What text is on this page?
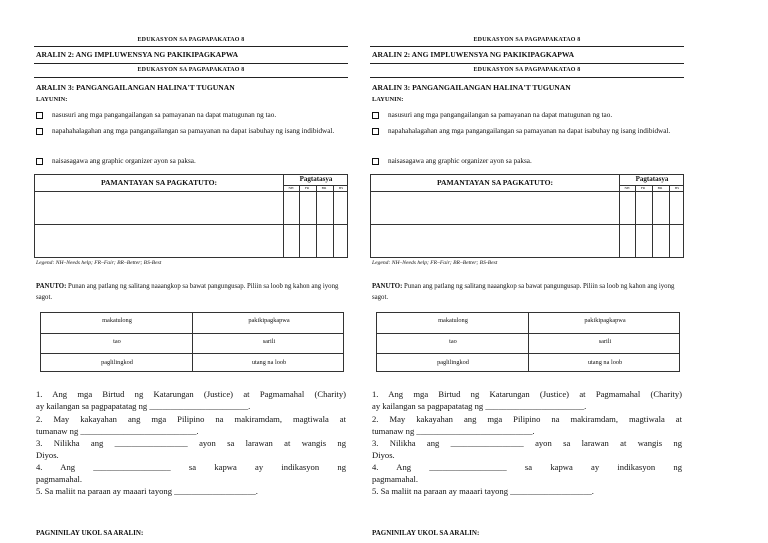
EDUKASYON SA PAGPAPAKATAO 8
ARALIN 2: ANG IMPLUWENSYA NG PAKIKIPAGKAPWA
EDUKASYON SA PAGPAPAKATAO 8
ARALIN 3: PANGANGAILANGAN HALINA'T TUGUNAN
LAYUNIN:
nasusuri ang mga pangangailangan sa pamayanan na dapat matugunan ng tao.
napahahalagahan ang mga pangangailangan sa pamayanan na dapat isabuhay ng isang indibidwal.
naisasagawa ang graphic organizer ayon sa paksa.
PAMANTAYAN SA PAGKATUTO:	Pagtatasya
NH	FR	BR	BS
Legend: NH–Needs help; FR–Fair; BR–Better; BS-Best
PANUTO: Punan ang patlang ng salitang naaangkop sa bawat pangungusap. Piliin sa loob ng kahon ang iyong sagot.
makatulong	pakikipagkapwa
tao	sarili
paglilingkod	utang na loob
1. Ang mga Birtud ng Katarungan (Justice) at Pagmamahal (Charity)
ay kailangan sa pagpapatatag ng _______________________.
2. May kakayahan ang mga Pilipino na makiramdam, magtiwala at
tumanaw ng ___________________________.
3. Nilikha ang _________________ ayon sa larawan at wangis ng
Diyos.
4. Ang __________________ sa kapwa ay indikasyon ng
pagmamahal.
5. Sa maliit na paraan ay maaari tayong ___________________.
PAGNINILAY UKOL SA ARALIN:
EDUKASYON SA PAGPAPAKATAO 8
ARALIN 2: ANG IMPLUWENSYA NG PAKIKIPAGKAPWA
EDUKASYON SA PAGPAPAKATAO 8
ARALIN 3: PANGANGAILANGAN HALINA'T TUGUNAN
LAYUNIN:
nasusuri ang mga pangangailangan sa pamayanan na dapat matugunan ng tao.
napahahalagahan ang mga pangangailangan sa pamayanan na dapat isabuhay ng isang indibidwal.
naisasagawa ang graphic organizer ayon sa paksa.
PAMANTAYAN SA PAGKATUTO:	Pagtatasya
NH	FR	BR	BS
Legend: NH–Needs help; FR–Fair; BR–Better; BS-Best
PANUTO: Punan ang patlang ng salitang naaangkop sa bawat pangungusap. Piliin sa loob ng kahon ang iyong sagot.
makatulong	pakikipagkapwa
tao	sarili
paglilingkod	utang na loob
1. Ang mga Birtud ng Katarungan (Justice) at Pagmamahal (Charity)
ay kailangan sa pagpapatatag ng _______________________.
2. May kakayahan ang mga Pilipino na makiramdam, magtiwala at
tumanaw ng ___________________________.
3. Nilikha ang _________________ ayon sa larawan at wangis ng
Diyos.
4. Ang __________________ sa kapwa ay indikasyon ng
pagmamahal.
5. Sa maliit na paraan ay maaari tayong ___________________.
PAGNINILAY UKOL SA ARALIN:
